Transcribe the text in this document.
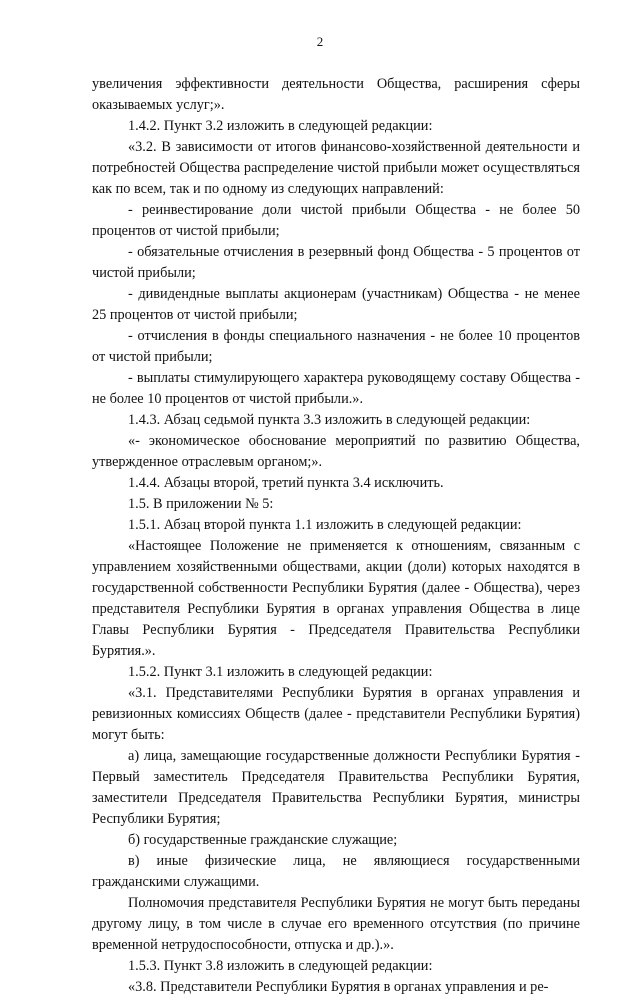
2

увеличения эффективности деятельности Общества, расширения сферы оказываемых услуг;».

1.4.2. Пункт 3.2 изложить в следующей редакции:

«3.2. В зависимости от итогов финансово-хозяйственной деятельности и потребностей Общества распределение чистой прибыли может осуществляться как по всем, так и по одному из следующих направлений:

- реинвестирование доли чистой прибыли Общества - не более 50 процентов от чистой прибыли;

- обязательные отчисления в резервный фонд Общества - 5 процентов от чистой прибыли;

- дивидендные выплаты акционерам (участникам) Общества - не менее 25 процентов от чистой прибыли;

- отчисления в фонды специального назначения - не более 10 процентов от чистой прибыли;

- выплаты стимулирующего характера руководящему составу Общества - не более 10 процентов от чистой прибыли.».

1.4.3. Абзац седьмой пункта 3.3 изложить в следующей редакции:

«- экономическое обоснование мероприятий по развитию Общества, утвержденное отраслевым органом;».

1.4.4. Абзацы второй, третий пункта 3.4 исключить.

1.5. В приложении № 5:

1.5.1. Абзац второй пункта 1.1 изложить в следующей редакции:

«Настоящее Положение не применяется к отношениям, связанным с управлением хозяйственными обществами, акции (доли) которых находятся в государственной собственности Республики Бурятия (далее - Общества), через представителя Республики Бурятия в органах управления Общества в лице Главы Республики Бурятия - Председателя Правительства Республики Бурятия.».

1.5.2. Пункт 3.1 изложить в следующей редакции:

«3.1. Представителями Республики Бурятия в органах управления и ревизионных комиссиях Обществ (далее - представители Республики Бурятия) могут быть:

а) лица, замещающие государственные должности Республики Бурятия - Первый заместитель Председателя Правительства Республики Бурятия, заместители Председателя Правительства Республики Бурятия, министры Республики Бурятия;

б) государственные гражданские служащие;

в) иные физические лица, не являющиеся государственными гражданскими служащими.

Полномочия представителя Республики Бурятия не могут быть переданы другому лицу, в том числе в случае его временного отсутствия (по причине временной нетрудоспособности, отпуска и др.).».

1.5.3. Пункт 3.8 изложить в следующей редакции:

«3.8. Представители Республики Бурятия в органах управления и ре-
